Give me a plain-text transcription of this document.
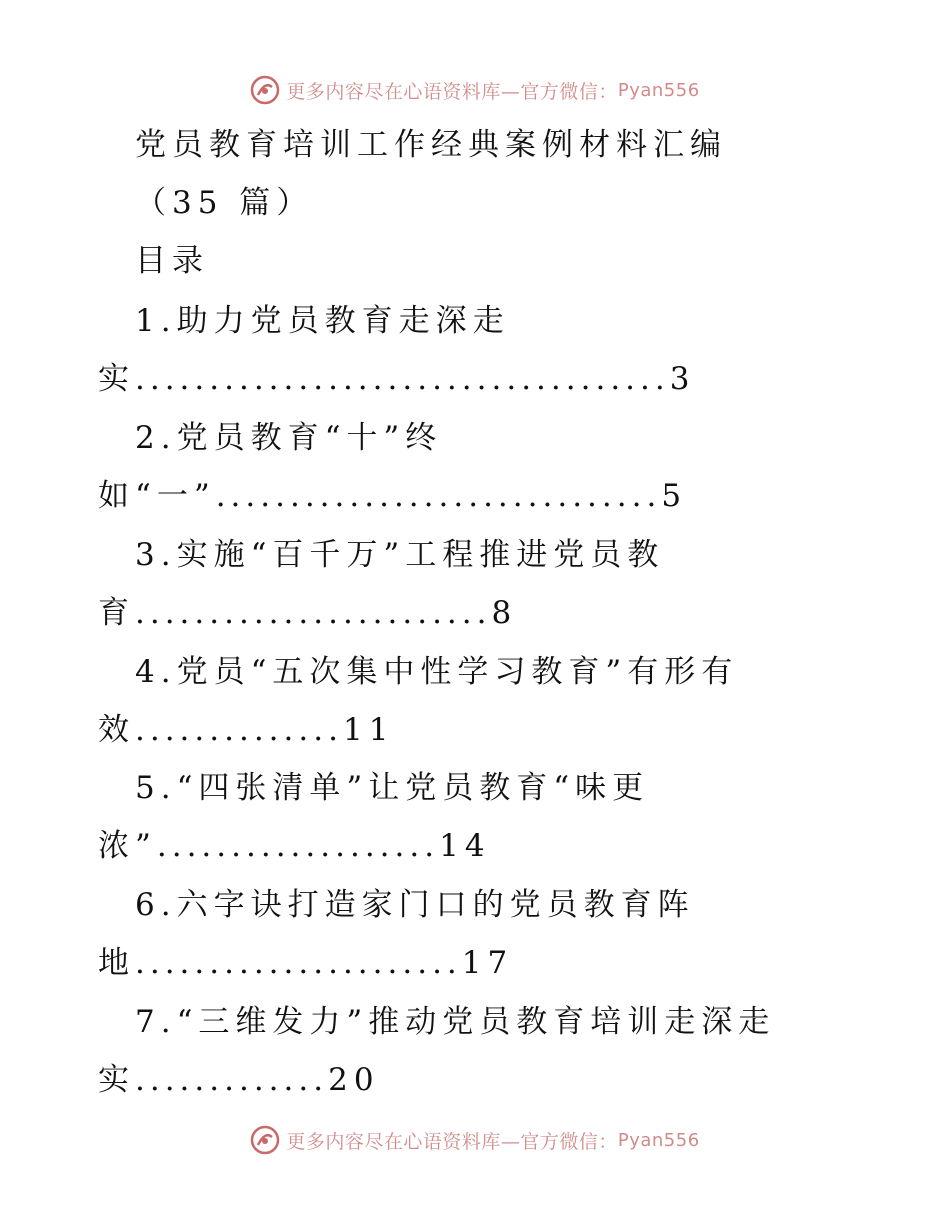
更多内容尽在心语资料库—官方微信： Pyan556
党员教育培训工作经典案例材料汇编
（35 篇）
目录
1.助力党员教育走深走
实....................................3
2.党员教育“十”终
如“一”..............................5
3.实施“百千万”工程推进党员教
育........................8
4.党员“五次集中性学习教育”有形有
效..............11
5.“四张清单”让党员教育“味更
浓”...................14
6.六字诀打造家门口的党员教育阵
地......................17
7.“三维发力”推动党员教育培训走深走
实.............20
更多内容尽在心语资料库—官方微信： Pyan556
